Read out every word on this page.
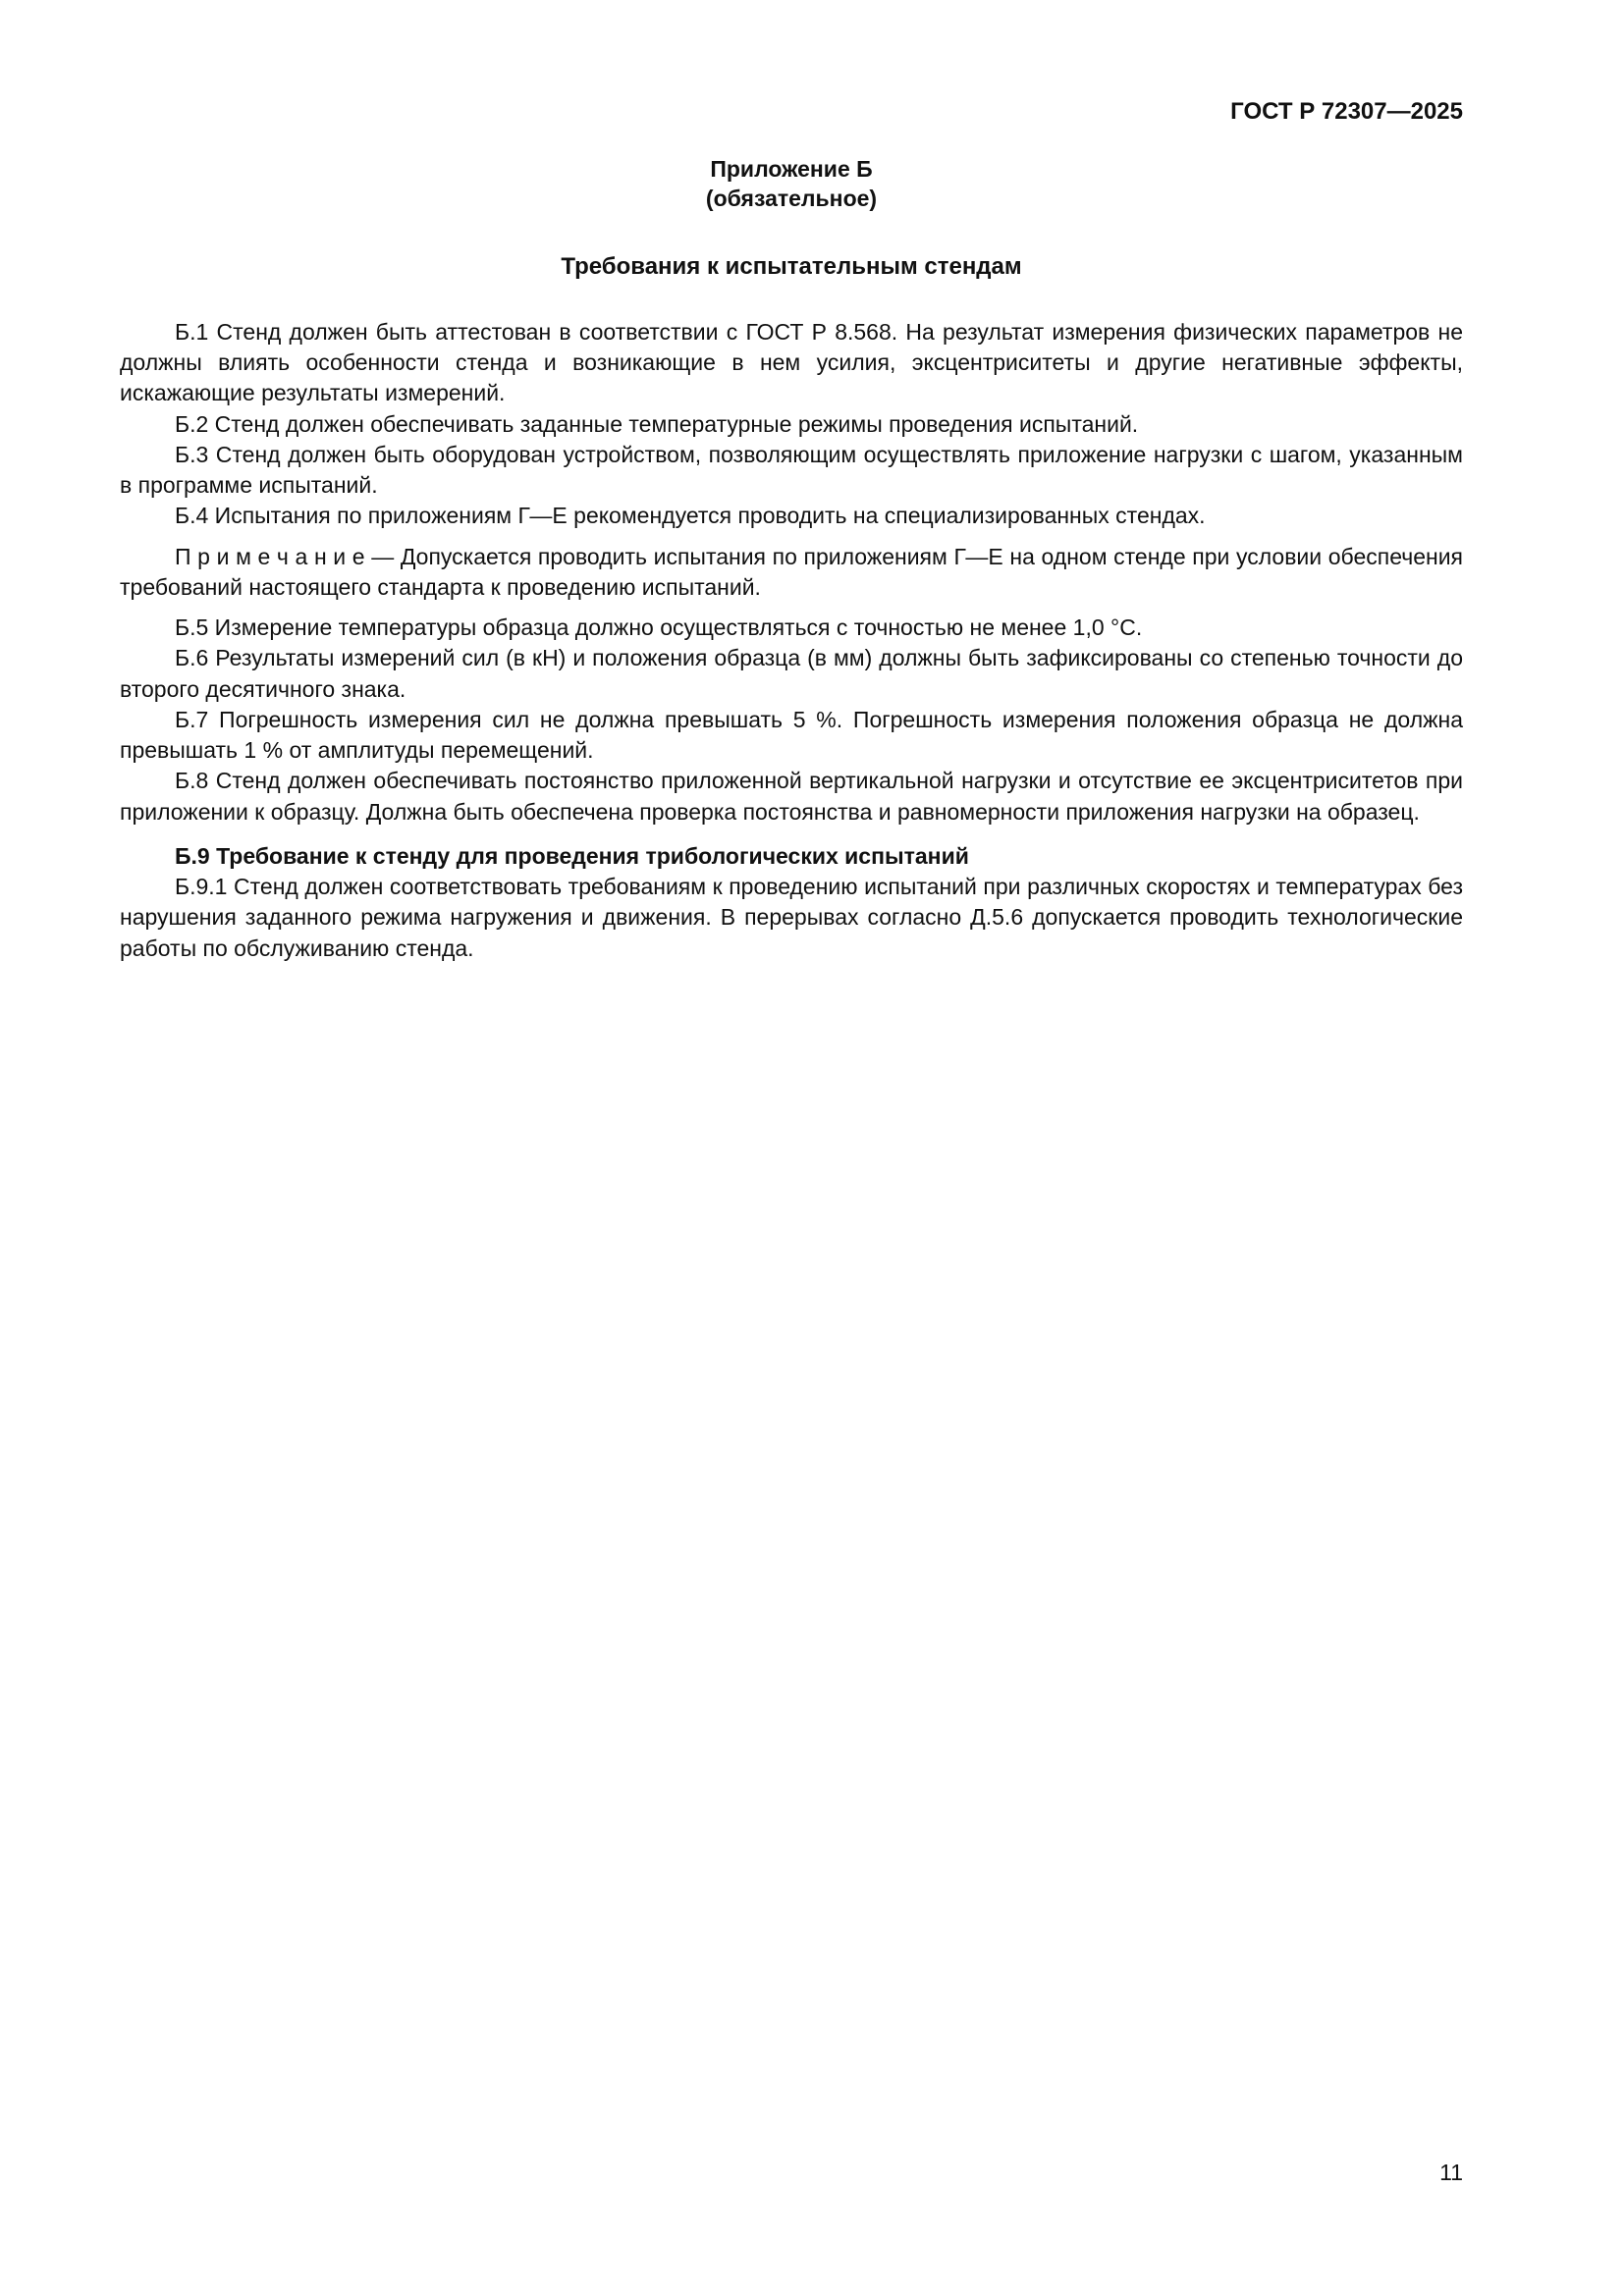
ГОСТ Р 72307—2025
Приложение Б
(обязательное)
Требования к испытательным стендам

Б.1 Стенд должен быть аттестован в соответствии с ГОСТ Р 8.568. На результат измерения физических параметров не должны влиять особенности стенда и возникающие в нем усилия, эксцентриситеты и другие негативные эффекты, искажающие результаты измерений.

Б.2 Стенд должен обеспечивать заданные температурные режимы проведения испытаний.

Б.3 Стенд должен быть оборудован устройством, позволяющим осуществлять приложение нагрузки с шагом, указанным в программе испытаний.

Б.4 Испытания по приложениям Г—Е рекомендуется проводить на специализированных стендах.

П р и м е ч а н и е — Допускается проводить испытания по приложениям Г—Е на одном стенде при условии обеспечения требований настоящего стандарта к проведению испытаний.

Б.5 Измерение температуры образца должно осуществляться с точностью не менее 1,0 °С.

Б.6 Результаты измерений сил (в кН) и положения образца (в мм) должны быть зафиксированы со степенью точности до второго десятичного знака.

Б.7 Погрешность измерения сил не должна превышать 5 %. Погрешность измерения положения образца не должна превышать 1 % от амплитуды перемещений.

Б.8 Стенд должен обеспечивать постоянство приложенной вертикальной нагрузки и отсутствие ее эксцентриситетов при приложении к образцу. Должна быть обеспечена проверка постоянства и равномерности приложения нагрузки на образец.

Б.9 Требование к стенду для проведения трибологических испытаний

Б.9.1 Стенд должен соответствовать требованиям к проведению испытаний при различных скоростях и температурах без нарушения заданного режима нагружения и движения. В перерывах согласно Д.5.6 допускается проводить технологические работы по обслуживанию стенда.

11
